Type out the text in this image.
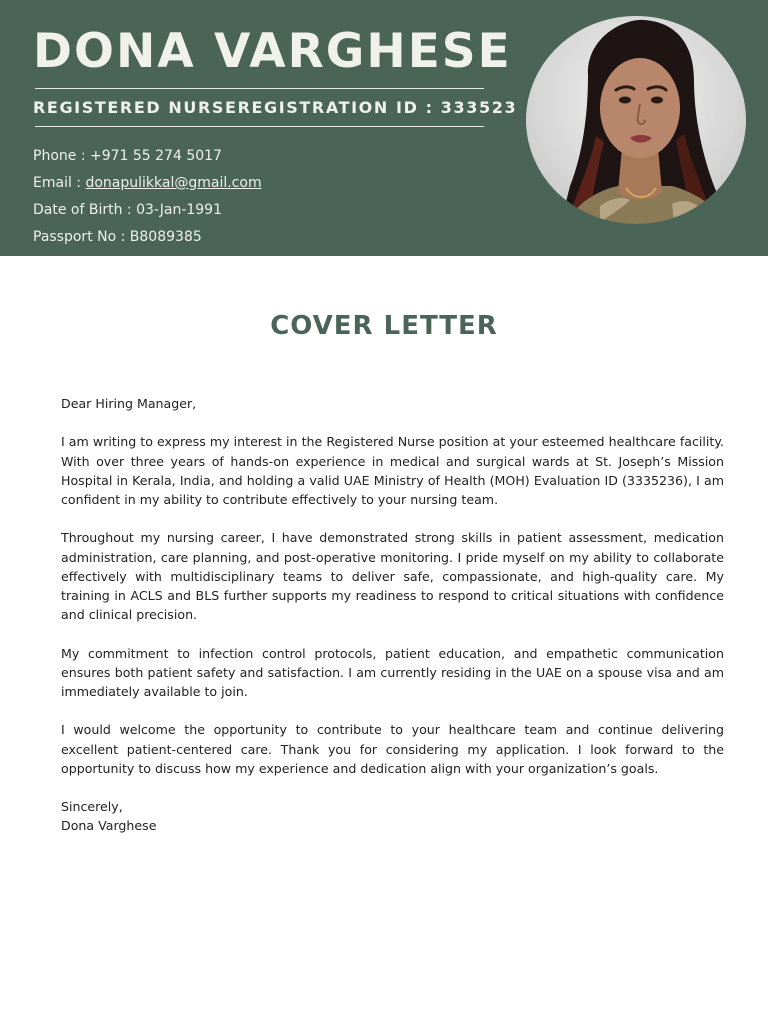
DONA VARGHESE
REGISTERED NURSE REGISTRATION ID : 333523
Phone : +971 55 274 5017
Email : donapulikkal@gmail.com
Date of Birth : 03-Jan-1991
Passport No : B8089385
COVER LETTER

Dear Hiring Manager,

I am writing to express my interest in the Registered Nurse position at your esteemed healthcare facility. With over three years of hands-on experience in medical and surgical wards at St. Joseph’s Mission Hospital in Kerala, India, and holding a valid UAE Ministry of Health (MOH) Evaluation ID (3335236), I am confident in my ability to contribute effectively to your nursing team.

Throughout my nursing career, I have demonstrated strong skills in patient assessment, medication administration, care planning, and post-operative monitoring. I pride myself on my ability to collaborate effectively with multidisciplinary teams to deliver safe, compassionate, and high-quality care. My training in ACLS and BLS further supports my readiness to respond to critical situations with confidence and clinical precision.

My commitment to infection control protocols, patient education, and empathetic communication ensures both patient safety and satisfaction. I am currently residing in the UAE on a spouse visa and am immediately available to join.

I would welcome the opportunity to contribute to your healthcare team and continue delivering excellent patient-centered care. Thank you for considering my application. I look forward to the opportunity to discuss how my experience and dedication align with your organization’s goals.

Sincerely,

Dona Varghese
